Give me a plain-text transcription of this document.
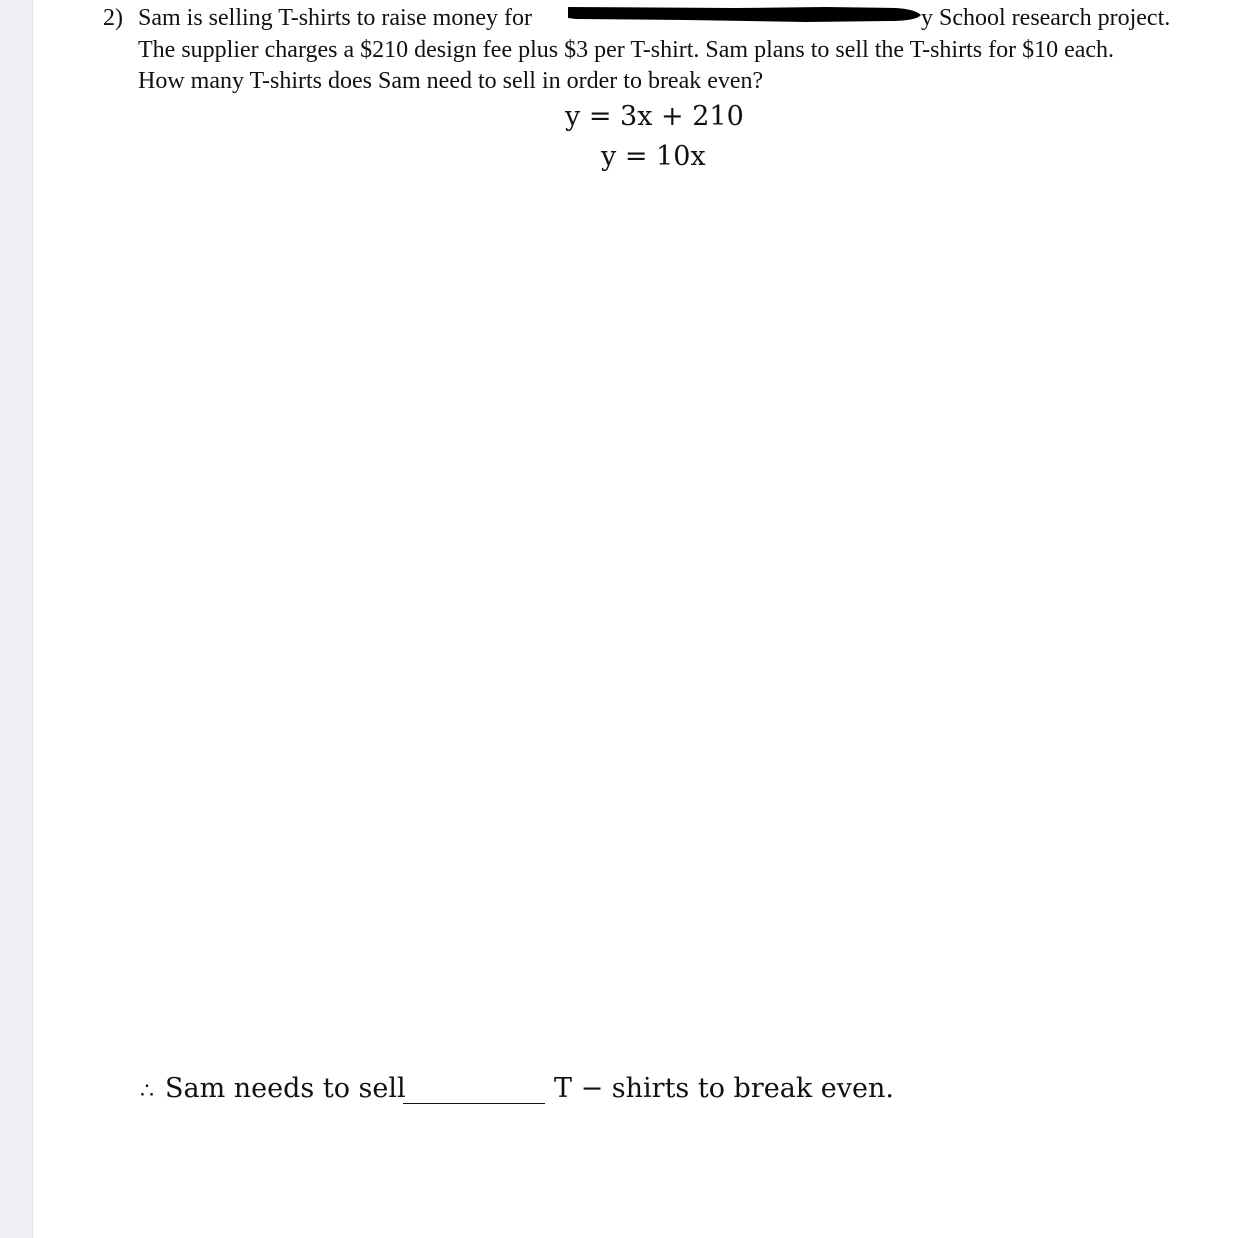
2) Sam is selling T-shirts to raise money for	y School research project.
The supplier charges a $210 design fee plus $3 per T-shirt. Sam plans to sell the T-shirts for $10 each.
How many T-shirts does Sam need to sell in order to break even?
y = 3x + 210
y = 10x
∴ Sam needs to sell	T − shirts to break even.
